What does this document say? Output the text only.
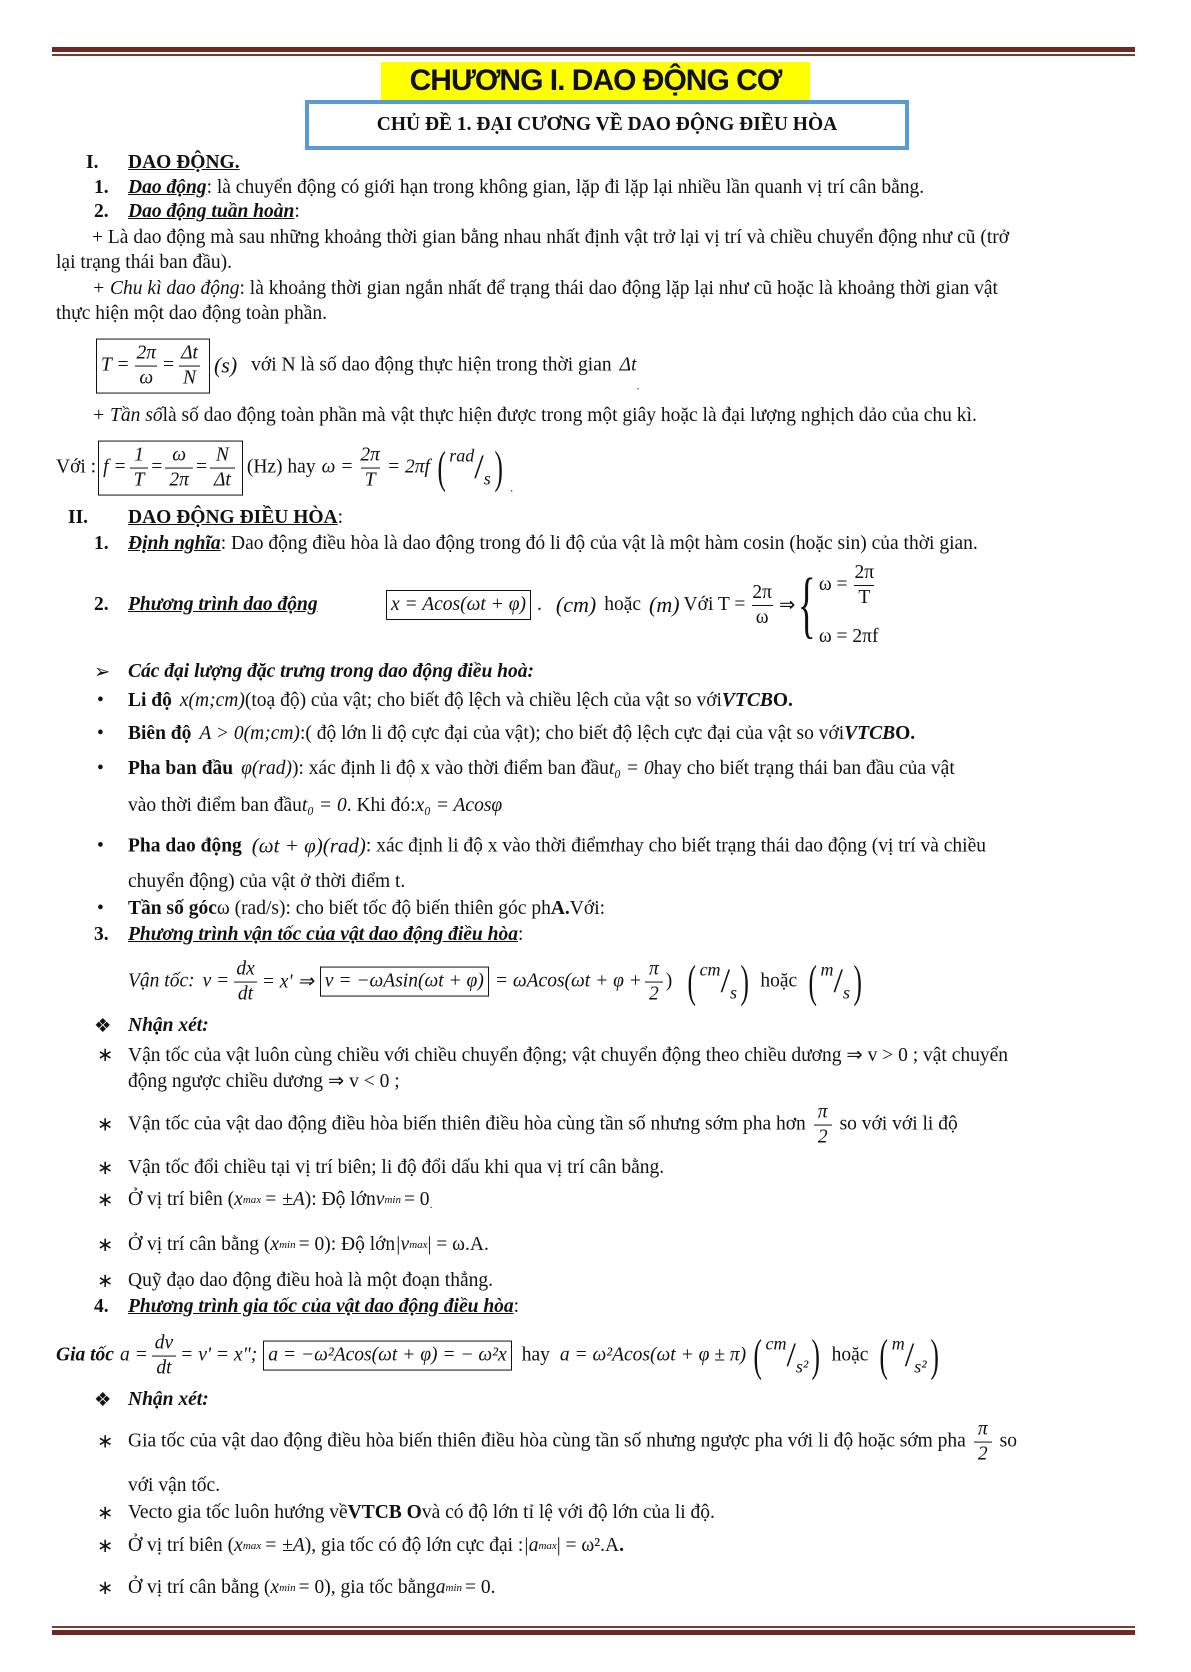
CHƯƠNG I. DAO ĐỘNG CƠ
CHỦ ĐỀ 1. ĐẠI CƯƠNG VỀ DAO ĐỘNG ĐIỀU HÒA
I.	DAO ĐỘNG.
1. Dao động : là chuyển động có giới hạn trong không gian, lặp đi lặp lại nhiều lần quanh vị trí cân bằng.
2. Dao động tuần hoàn :
+ Là dao động mà sau những khoảng thời gian bằng nhau nhất định vật trở lại vị trí và chiều chuyển động như cũ (trở
lại trạng thái ban đầu).
+ Chu kì dao động : là khoảng thời gian ngắn nhất để trạng thái dao động lặp lại như cũ hoặc là khoảng thời gian vật
thực hiện một dao động toàn phần.
$T = \frac{2\pi}{\omega} = \frac{\Delta t}{N} (s)$ với N là số dao động thực hiện trong thời gian Δt
.
+ Tần số là số dao động toàn phần mà vật thực hiện được trong một giây hoặc là đại lượng nghịch dảo của chu kì.
Với : $f = \frac{1}{T} = \frac{\omega}{2\pi} = \frac{N}{\Delta t} (Hz)$ hay $\omega = \frac{2\pi}{T} = 2\pi f$ ( rad / s ) .
II.	DAO ĐỘNG ĐIỀU HÒA :
1. Định nghĩa : Dao động điều hòa là dao động trong đó li độ của vật là một hàm cosin (hoặc sin) của thời gian.
2. Phương trình dao động	x = Acos(ωt + φ) . (cm) hoặc (m) Với $T = \frac{2\pi}{\omega}$ ⇒ { $\omega = \frac{2\pi}{T}$
ω = 2πf
➢ Các đại lượng đặc trưng trong dao động điều hoà:
•	Li độ x(m;cm) (toạ độ) của vật; cho biết độ lệch và chiều lệch của vật so với VTCB O.
•	Biên độ A > 0(m;cm) :( độ lớn li độ cực đại của vật); cho biết độ lệch cực đại của vật so với VTCB O.
•	Pha ban đầu φ(rad) ): xác định li độ x vào thời điểm ban đầu t₀ = 0 hay cho biết trạng thái ban đầu của vật
vào thời điểm ban đầu t₀ = 0 . Khi đó: x₀ = Acosφ
•	Pha dao động (ωt + φ)(rad) : xác định li độ x vào thời điểm t hay cho biết trạng thái dao động (vị trí và chiều
chuyển động) của vật ở thời điểm t.
•	Tần số góc ω (rad/s): cho biết tốc độ biến thiên góc ph A. Với:
3. Phương trình vận tốc của vật dao động điều hòa :
Vận tốc: $v = \frac{dx}{dt} = x'$ ⇒ $v = -\omega Asin(\omega t + \varphi) = \omega Acos(\omega t + \varphi + \frac{\pi}{2}$ ) ( cm / s ) hoặc ( m / s )
❖ Nhận xét:
∗ Vận tốc của vật luôn cùng chiều với chiều chuyển động; vật chuyển động theo chiều dương ⇒ v > 0 ; vật chuyển
động ngược chiều dương ⇒ v < 0 ;
∗ Vận tốc của vật dao động điều hòa biến thiên điều hòa cùng tần số nhưng sớm pha hơn $\frac{\pi}{2}$ so với với li độ
∗ Vận tốc đổi chiều tại vị trí biên; li độ đổi dấu khi qua vị trí cân bằng.
∗ Ở vị trí biên ( x max = ±A ): Độ lớn v min = 0 .
∗ Ở vị trí cân bằng ( x min = 0 ): Độ lớn |v max | = ω.A .
∗ Quỹ đạo dao động điều hoà là một đoạn thẳng.
4. Phương trình gia tốc của vật dao động điều hòa :
Gia tốc $a = \frac{dv}{dt} = v' = x$"; a = −ω²Acos(ωt + φ) = − ω²x hay a = ω²Acos(ωt + φ ± π) ( cm / s² ) hoặc ( m / s² )
❖ Nhận xét:
∗ Gia tốc của vật dao động điều hòa biến thiên điều hòa cùng tần số nhưng ngược pha với li độ hoặc sớm pha $\frac{\pi}{2}$ so
với vận tốc.
∗ Vecto gia tốc luôn hướng về VTCB O và có độ lớn tỉ lệ với độ lớn của li độ.
∗ Ở vị trí biên ( x max = ±A ), gia tốc có độ lớn cực đại : |a max | = ω².A .
∗ Ở vị trí cân bằng ( x min = 0 ), gia tốc bằng a min = 0 .
